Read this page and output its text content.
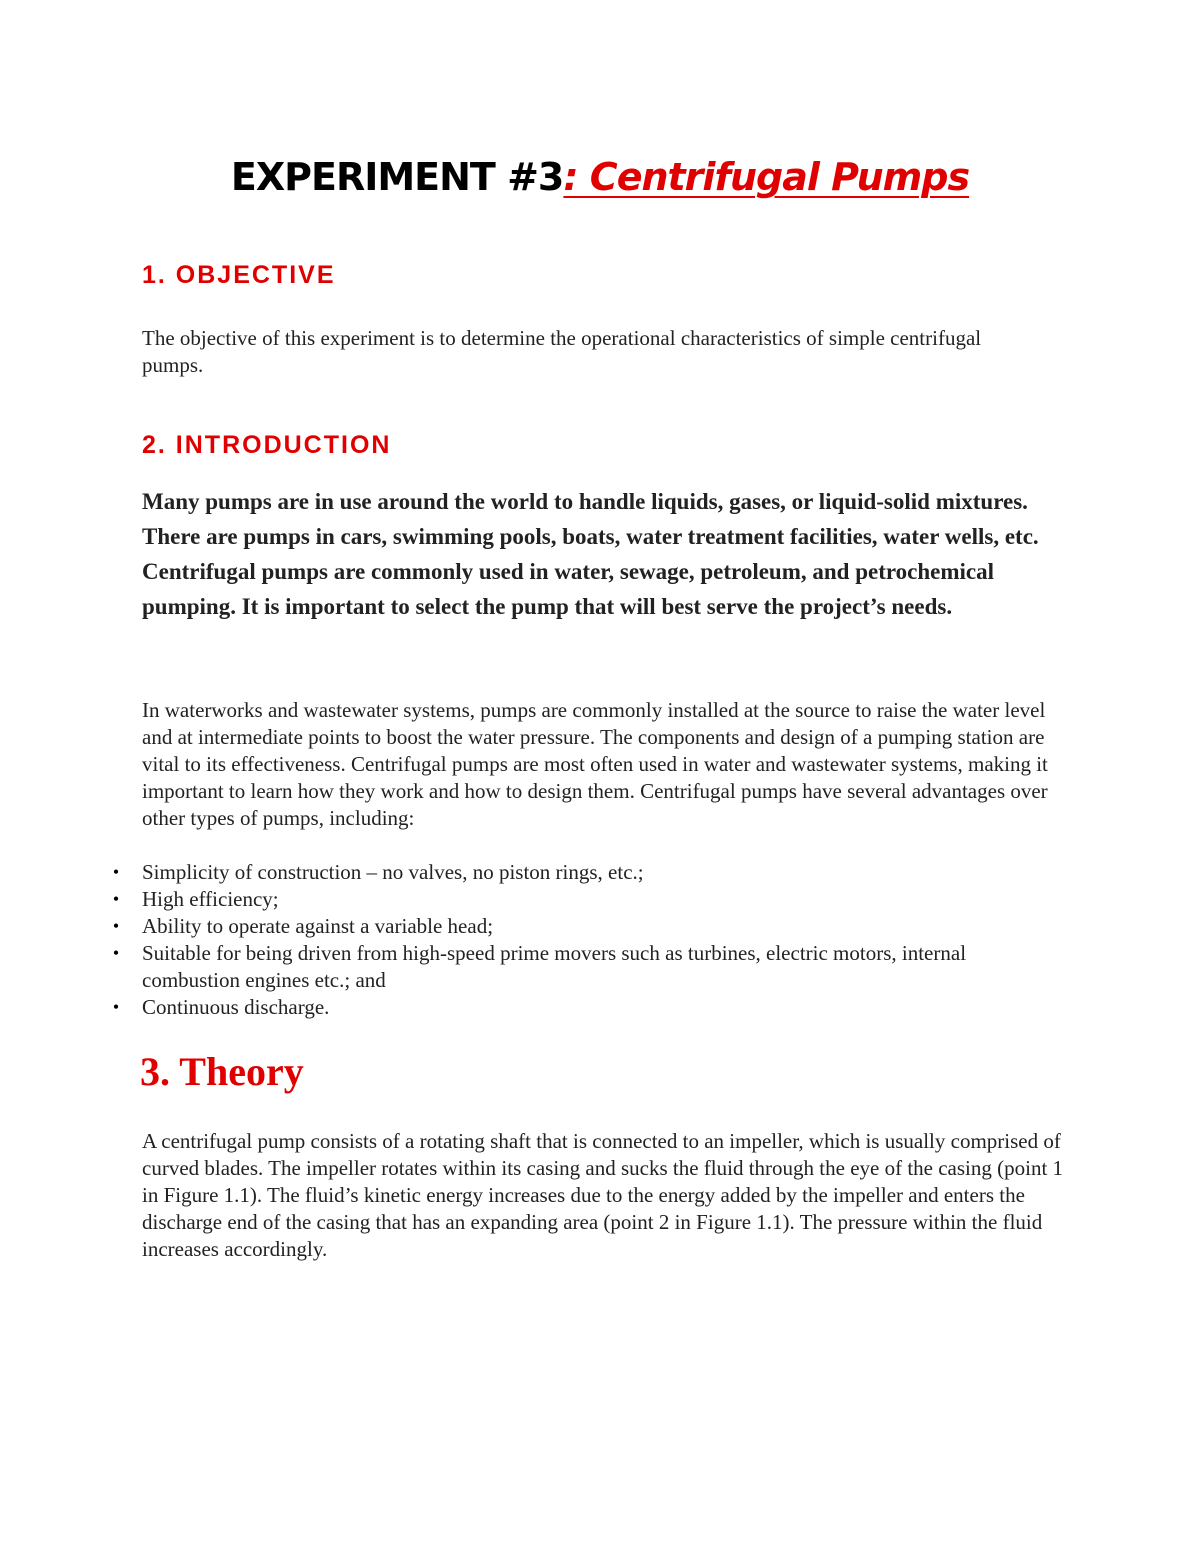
EXPERIMENT #3: Centrifugal Pumps
1. OBJECTIVE

The objective of this experiment is to determine the operational characteristics of simple centrifugal pumps.

2. INTRODUCTION

Many pumps are in use around the world to handle liquids, gases, or liquid-solid mixtures. There are pumps in cars, swimming pools, boats, water treatment facilities, water wells, etc. Centrifugal pumps are commonly used in water, sewage, petroleum, and petrochemical pumping. It is important to select the pump that will best serve the project’s needs.

In waterworks and wastewater systems, pumps are commonly installed at the source to raise the water level and at intermediate points to boost the water pressure. The components and design of a pumping station are vital to its effectiveness. Centrifugal pumps are most often used in water and wastewater systems, making it important to learn how they work and how to design them. Centrifugal pumps have several advantages over other types of pumps, including:

•	Simplicity of construction – no valves, no piston rings, etc.;
•	High efficiency;
•	Ability to operate against a variable head;
•	Suitable for being driven from high-speed prime movers such as turbines, electric motors, internal combustion engines etc.; and
•	Continuous discharge.
3. Theory

A centrifugal pump consists of a rotating shaft that is connected to an impeller, which is usually comprised of curved blades. The impeller rotates within its casing and sucks the fluid through the eye of the casing (point 1 in Figure 1.1). The fluid’s kinetic energy increases due to the energy added by the impeller and enters the discharge end of the casing that has an expanding area (point 2 in Figure 1.1). The pressure within the fluid increases accordingly.
